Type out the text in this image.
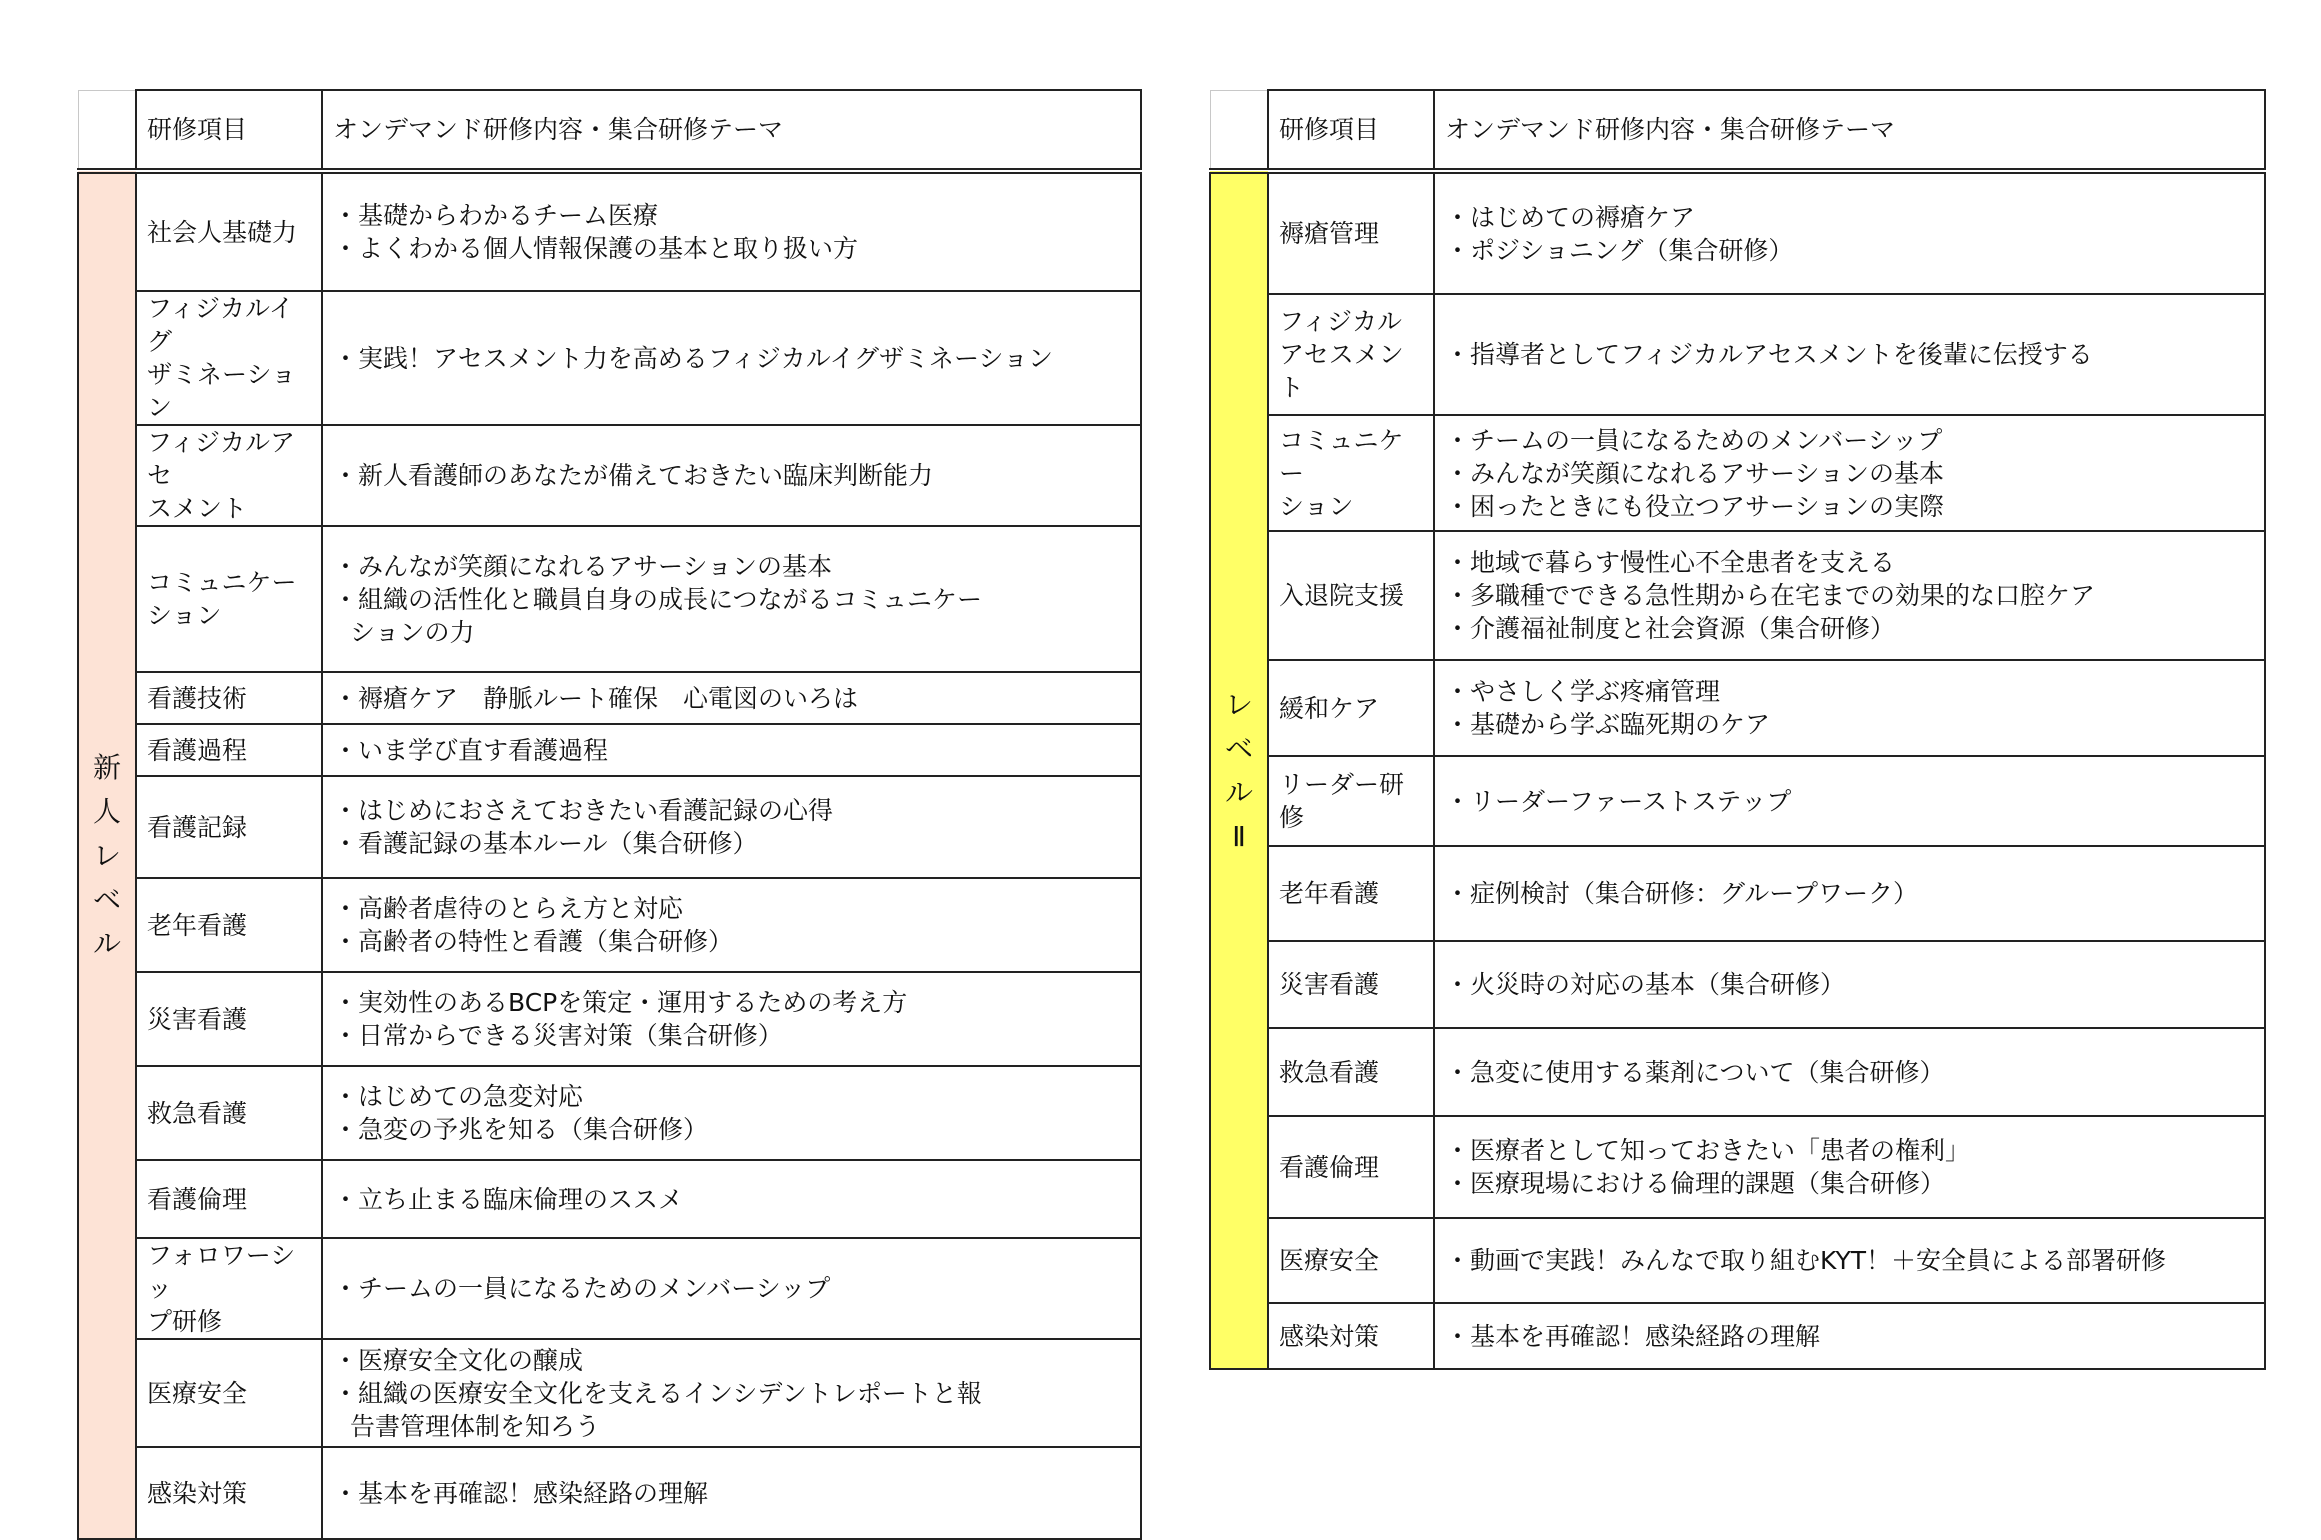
	研修項目	オンデマンド研修内容・集合研修テーマ
新
人
レ
ベ
ル	社会人基礎力	・基礎からわかるチーム医療
・よくわかる個人情報保護の基本と取り扱い方

	フィジカルイグ
ザミネーション	・実践！アセスメント力を高めるフィジカルイグザミネーション

	フィジカルアセ
スメント	・新人看護師のあなたが備えておきたい臨床判断能力

	コミュニケー
ション	・みんなが笑顔になれるアサーションの基本
・組織の活性化と職員自身の成長につながるコミュニケー
ションの力

	看護技術	・褥瘡ケア　静脈ルート確保　心電図のいろは

	看護過程	・いま学び直す看護過程

	看護記録	・はじめにおさえておきたい看護記録の心得
・看護記録の基本ルール（集合研修）

	老年看護	・高齢者虐待のとらえ方と対応
・高齢者の特性と看護（集合研修）

	災害看護	・実効性のあるBCPを策定・運用するための考え方
・日常からできる災害対策（集合研修）

	救急看護	・はじめての急変対応
・急変の予兆を知る（集合研修）

	看護倫理	・立ち止まる臨床倫理のススメ

	フォロワーシッ
プ研修	・チームの一員になるためのメンバーシップ

	医療安全	・医療安全文化の醸成
・組織の医療安全文化を支えるインシデントレポートと報
告書管理体制を知ろう

	感染対策	・基本を再確認！感染経路の理解
	研修項目	オンデマンド研修内容・集合研修テーマ
レ
ベ
ル
Ⅱ	褥瘡管理	・はじめての褥瘡ケア
・ポジショニング（集合研修）

	フィジカル
アセスメント	・指導者としてフィジカルアセスメントを後輩に伝授する

	コミュニケー
ション	・チームの一員になるためのメンバーシップ
・みんなが笑顔になれるアサーションの基本
・困ったときにも役立つアサーションの実際

	入退院支援	・地域で暮らす慢性心不全患者を支える
・多職種でできる急性期から在宅までの効果的な口腔ケア
・介護福祉制度と社会資源（集合研修）

	緩和ケア	・やさしく学ぶ疼痛管理
・基礎から学ぶ臨死期のケア

	リーダー研修	・リーダーファーストステップ

	老年看護	・症例検討（集合研修：グループワーク）

	災害看護	・火災時の対応の基本（集合研修）

	救急看護	・急変に使用する薬剤について（集合研修）

	看護倫理	・医療者として知っておきたい「患者の権利」
・医療現場における倫理的課題（集合研修）

	医療安全	・動画で実践！みんなで取り組むKYT！＋安全員による部署研修

	感染対策	・基本を再確認！感染経路の理解
